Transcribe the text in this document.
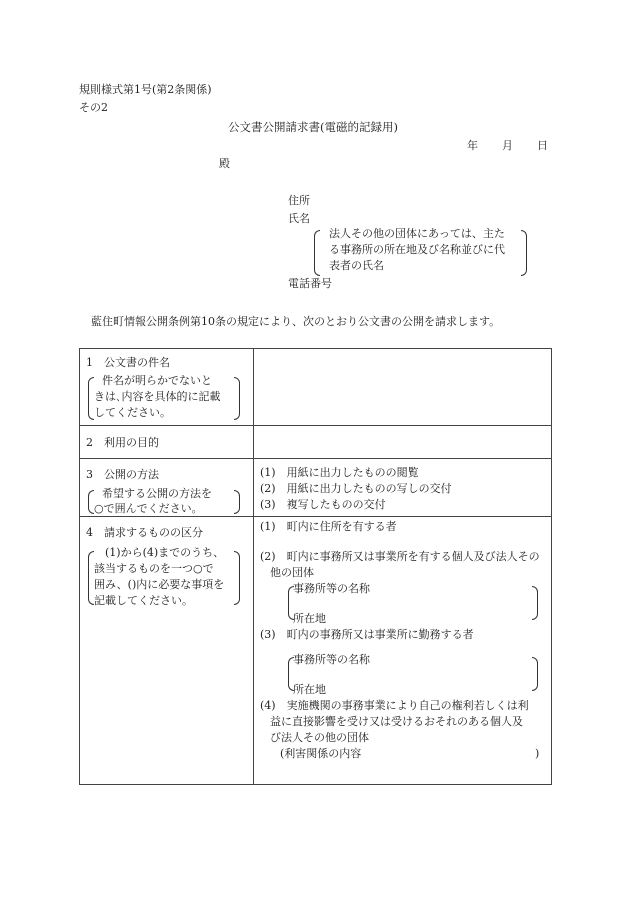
規則様式第1号(第2条関係)
その2
公文書公開請求書(電磁的記録用)
年 月 日
殿
住所
氏名
法人その他の団体にあっては、主た
る事務所の所在地及び名称並びに代
表者の氏名
電話番号
藍住町情報公開条例第10条の規定により、次のとおり公文書の公開を請求します。
1　公文書の件名
件名が明らかでないと
きは､内容を具体的に記載
してください。
2　利用の目的
3　公開の方法
希望する公開の方法を
○で囲んでください。
(1)　用紙に出力したものの閲覧
(2)　用紙に出力したものの写しの交付
(3)　複写したものの交付
4　請求するものの区分
(1)から(4)までのうち、
該当するものを一つ○で
囲み、()内に必要な事項を
記載してください。
(1)　町内に住所を有する者
(2)　町内に事務所又は事業所を有する個人及び法人その
他の団体
事務所等の名称
所在地
(3)　町内の事務所又は事業所に勤務する者
事務所等の名称
所在地
(4)　実施機関の事務事業により自己の権利若しくは利
益に直接影響を受け又は受けるおそれのある個人及
び法人その他の団体
(利害関係の内容	)
